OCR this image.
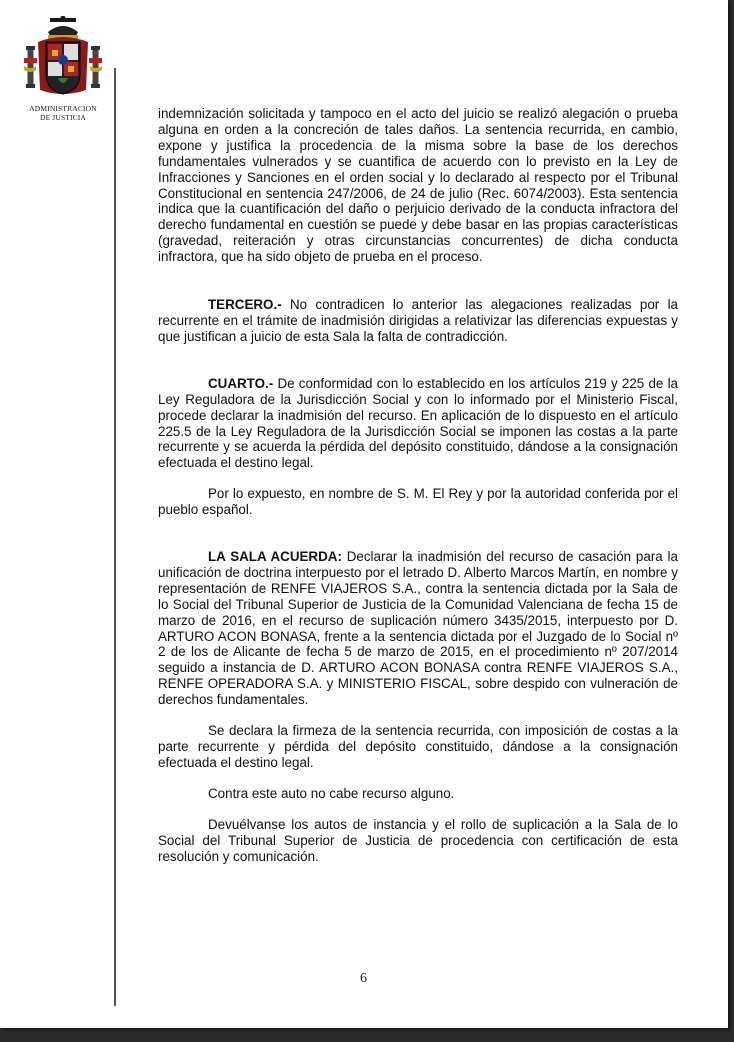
ADMINISTRACION
DE JUSTICIA	indemnización solicitada y tampoco en el acto del juicio se realizó alegación o prueba alguna en orden a la concreción de tales daños. La sentencia recurrida, en cambio, expone y justifica la procedencia de la misma sobre la base de los derechos fundamentales vulnerados y se cuantifica de acuerdo con lo previsto en la Ley de Infracciones y Sanciones en el orden social y lo declarado al respecto por el Tribunal Constitucional en sentencia 247/2006, de 24 de julio (Rec. 6074/2003). Esta sentencia indica que la cuantificación del daño o perjuicio derivado de la conducta infractora del derecho fundamental en cuestión se puede y debe basar en las propias características (gravedad, reiteración y otras circunstancias concurrentes) de dicha conducta infractora, que ha sido objeto de prueba en el proceso.

TERCERO.- No contradicen lo anterior las alegaciones realizadas por la recurrente en el trámite de inadmisión dirigidas a relativizar las diferencias expuestas y que justifican a juicio de esta Sala la falta de contradicción.

CUARTO.- De conformidad con lo establecido en los artículos 219 y 225 de la Ley Reguladora de la Jurisdicción Social y con lo informado por el Ministerio Fiscal, procede declarar la inadmisión del recurso. En aplicación de lo dispuesto en el artículo 225.5 de la Ley Reguladora de la Jurisdicción Social se imponen las costas a la parte recurrente y se acuerda la pérdida del depósito constituido, dándose a la consignación efectuada el destino legal.

Por lo expuesto, en nombre de S. M. El Rey y por la autoridad conferida por el pueblo español.

LA SALA ACUERDA: Declarar la inadmisión del recurso de casación para la unificación de doctrina interpuesto por el letrado D. Alberto Marcos Martín, en nombre y representación de RENFE VIAJEROS S.A., contra la sentencia dictada por la Sala de lo Social del Tribunal Superior de Justicia de la Comunidad Valenciana de fecha 15 de marzo de 2016, en el recurso de suplicación número 3435/2015, interpuesto por D. ARTURO ACON BONASA, frente a la sentencia dictada por el Juzgado de lo Social nº 2 de los de Alicante de fecha 5 de marzo de 2015, en el procedimiento nº 207/2014 seguido a instancia de D. ARTURO ACON BONASA contra RENFE VIAJEROS S.A., RENFE OPERADORA S.A. y MINISTERIO FISCAL, sobre despido con vulneración de derechos fundamentales.

Se declara la firmeza de la sentencia recurrida, con imposición de costas a la parte recurrente y pérdida del depósito constituido, dándose a la consignación efectuada el destino legal.

Contra este auto no cabe recurso alguno.

Devuélvanse los autos de instancia y el rollo de suplicación a la Sala de lo Social del Tribunal Superior de Justicia de procedencia con certificación de esta resolución y comunicación.

6
